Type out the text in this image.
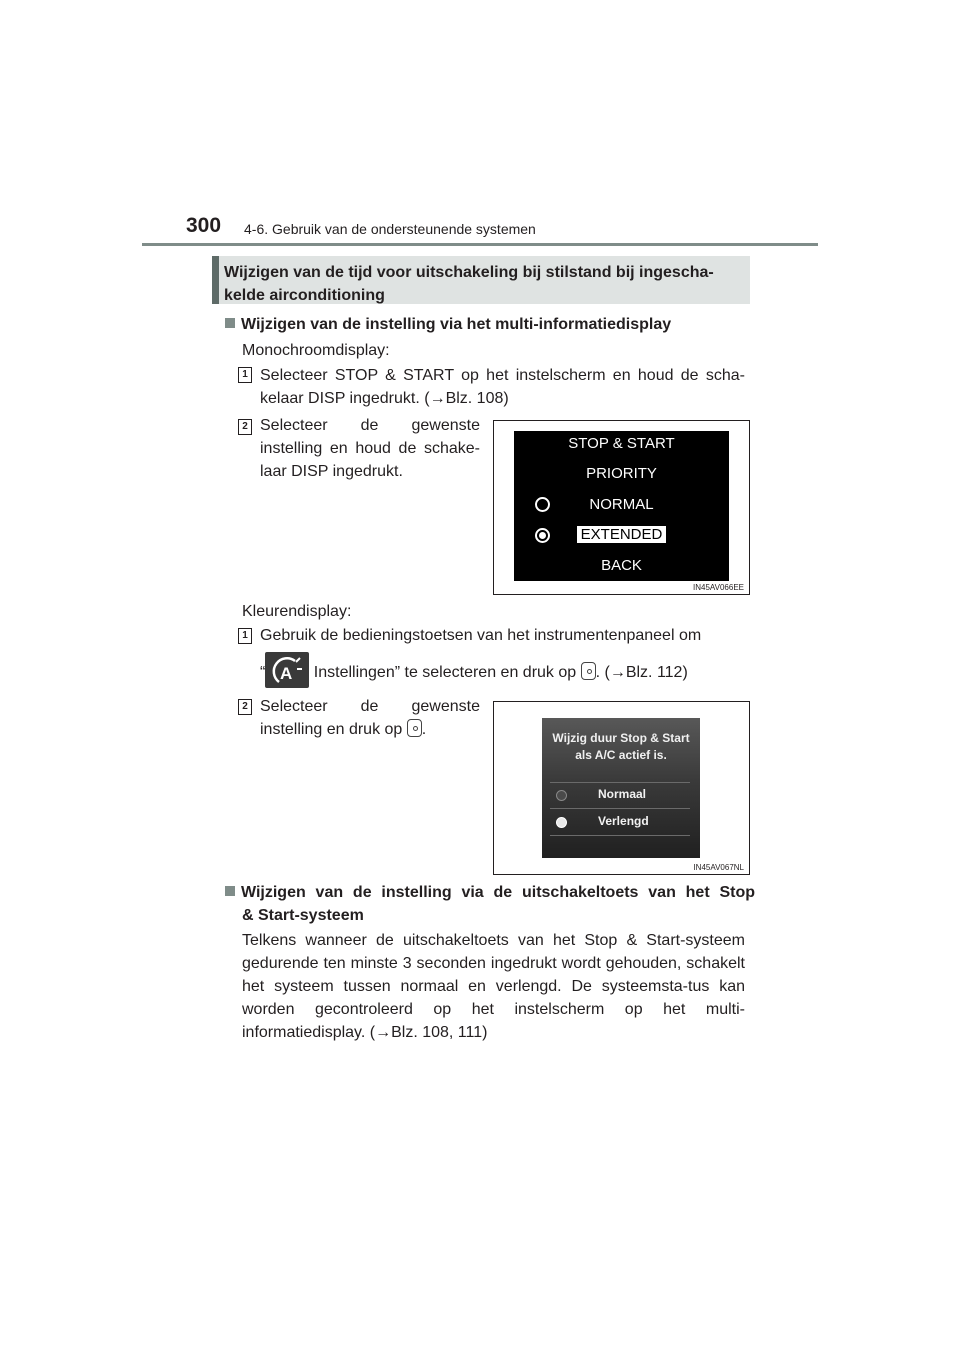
300 4-6. Gebruik van de ondersteunende systemen
Wijzigen van de tijd voor uitschakeling bij stilstand bij ingescha-kelde airconditioning
Wijzigen van de instelling via het multi-informatiedisplay
Monochroomdisplay:
1 Selecteer STOP & START op het instelscherm en houd de scha-kelaar DISP ingedrukt. (→Blz. 108)
2 Selecteer de gewenste instelling en houd de schake-laar DISP ingedrukt.
STOP & START
PRIORITY
NORMAL
EXTENDED
BACK
IN45AV066EE
Kleurendisplay:
1 Gebruik de bedieningstoetsen van het instrumentenpaneel om
“ A Instellingen” te selecteren en druk op . (→Blz. 112)
2 Selecteer de gewenste instelling en druk op .	Wijzig duur Stop & Start
als A/C actief is.
Normaal
Verlengd
IN45AV067NL
Wijzigen van de instelling via de uitschakeltoets van het Stop
& Start-systeem
Telkens wanneer de uitschakeltoets van het Stop & Start-systeem gedurende ten minste 3 seconden ingedrukt wordt gehouden, schakelt het systeem tussen normaal en verlengd. De systeemsta-tus kan worden gecontroleerd op het instelscherm op het multi-informatiedisplay. (→Blz. 108, 111)
